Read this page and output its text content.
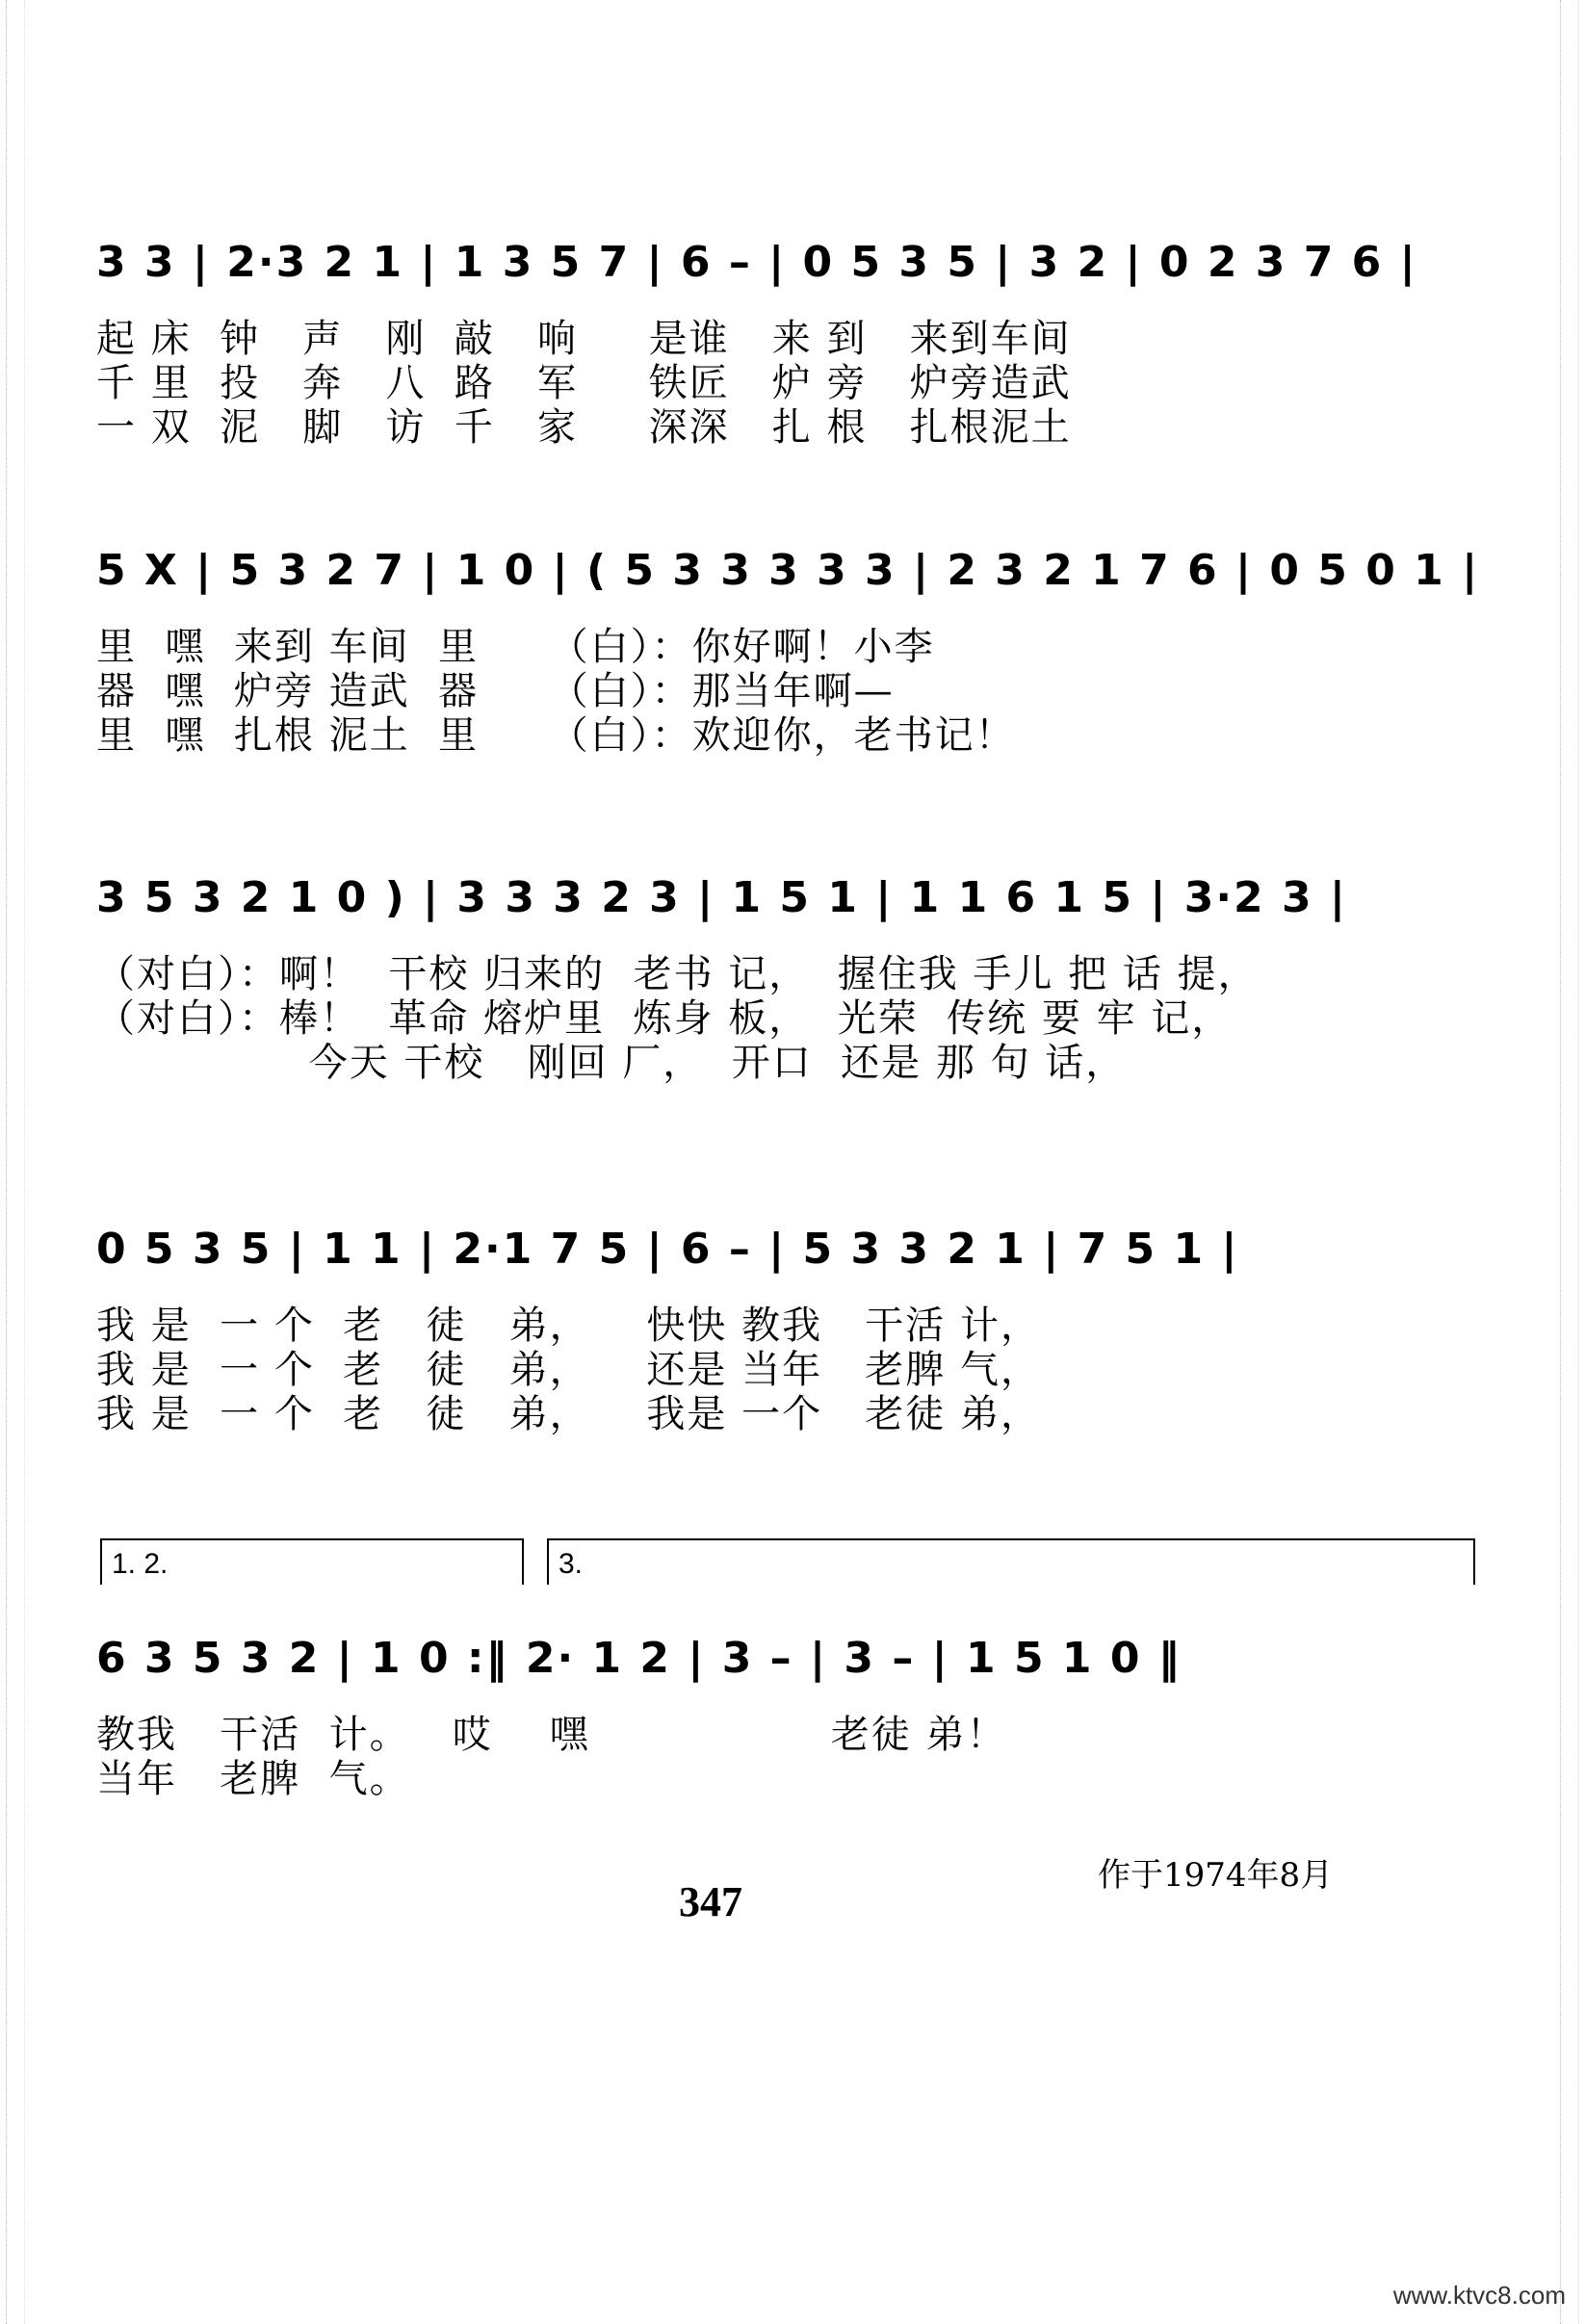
3 3 | 2·3 2 1 | 1 3 5 7 | 6 – | 0 5 3 5 | 3 2 | 0 2 3 7 6 |
起 床  钟   声   刚  敲   响     是谁   来 到   来到车间
千 里  投   奔   八  路   军     铁匠   炉 旁   炉旁造武
一 双  泥   脚   访  千   家     深深   扎 根   扎根泥土
5 X | 5 3 2 7 | 1 0 | ( 5 3 3 3 3 3 | 2 3 2 1 7 6 | 0 5 0 1 |
里  嘿  来到 车间  里     （白）：你好啊！小李
器  嘿  炉旁 造武  器     （白）：那当年啊—
里  嘿  扎根 泥土  里     （白）：欢迎你，老书记！
3 5 3 2 1 0 ) | 3 3 3 2 3 | 1 5 1 | 1 1 6 1 5 | 3·2 3 |
（对白）：啊！  干校 归来的  老书 记，  握住我 手儿 把 话 提，
（对白）：棒！  革命 熔炉里  炼身 板，  光荣  传统 要 牢 记，
今天 干校   刚回 厂，  开口  还是 那 句 话，
0 5 3 5 | 1 1 | 2·1 7 5 | 6 – | 5 3 3 2 1 | 7 5 1 |
我 是  一 个  老   徒   弟，    快快 教我   干活 计，
我 是  一 个  老   徒   弟，    还是 当年   老脾 气，
我 是  一 个  老   徒   弟，    我是 一个   老徒 弟，
1. 2.	3.
6 3 5 3 2 | 1 0 :‖ 2· 1 2 | 3 – | 3 – | 1 5 1 0 ‖
教我   干活  计。   哎    嘿                 老徒 弟！
当年   老脾  气。
作于1974年8月
347
www.ktvc8.com
